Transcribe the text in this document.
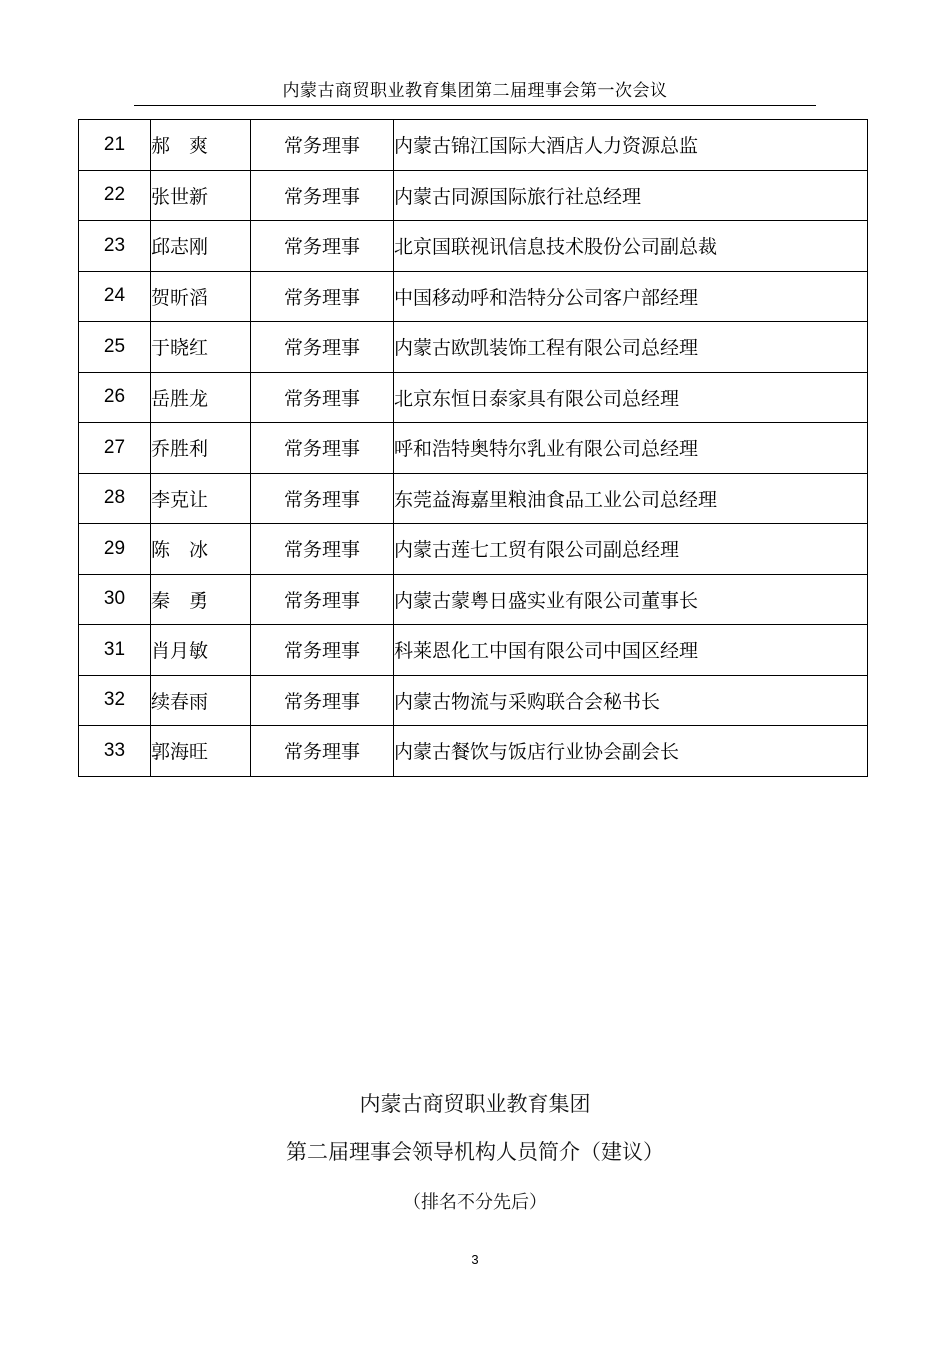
内蒙古商贸职业教育集团第二届理事会第一次会议
21	郝　爽	常务理事	内蒙古锦江国际大酒店人力资源总监
22	张世新	常务理事	内蒙古同源国际旅行社总经理
23	邱志刚	常务理事	北京国联视讯信息技术股份公司副总裁
24	贺昕滔	常务理事	中国移动呼和浩特分公司客户部经理
25	于晓红	常务理事	内蒙古欧凯装饰工程有限公司总经理
26	岳胜龙	常务理事	北京东恒日泰家具有限公司总经理
27	乔胜利	常务理事	呼和浩特奥特尔乳业有限公司总经理
28	李克让	常务理事	东莞益海嘉里粮油食品工业公司总经理
29	陈　冰	常务理事	内蒙古莲七工贸有限公司副总经理
30	秦　勇	常务理事	内蒙古蒙粤日盛实业有限公司董事长
31	肖月敏	常务理事	科莱恩化工中国有限公司中国区经理
32	续春雨	常务理事	内蒙古物流与采购联合会秘书长
33	郭海旺	常务理事	内蒙古餐饮与饭店行业协会副会长
内蒙古商贸职业教育集团
第二届理事会领导机构人员简介（建议）
（排名不分先后）
3
